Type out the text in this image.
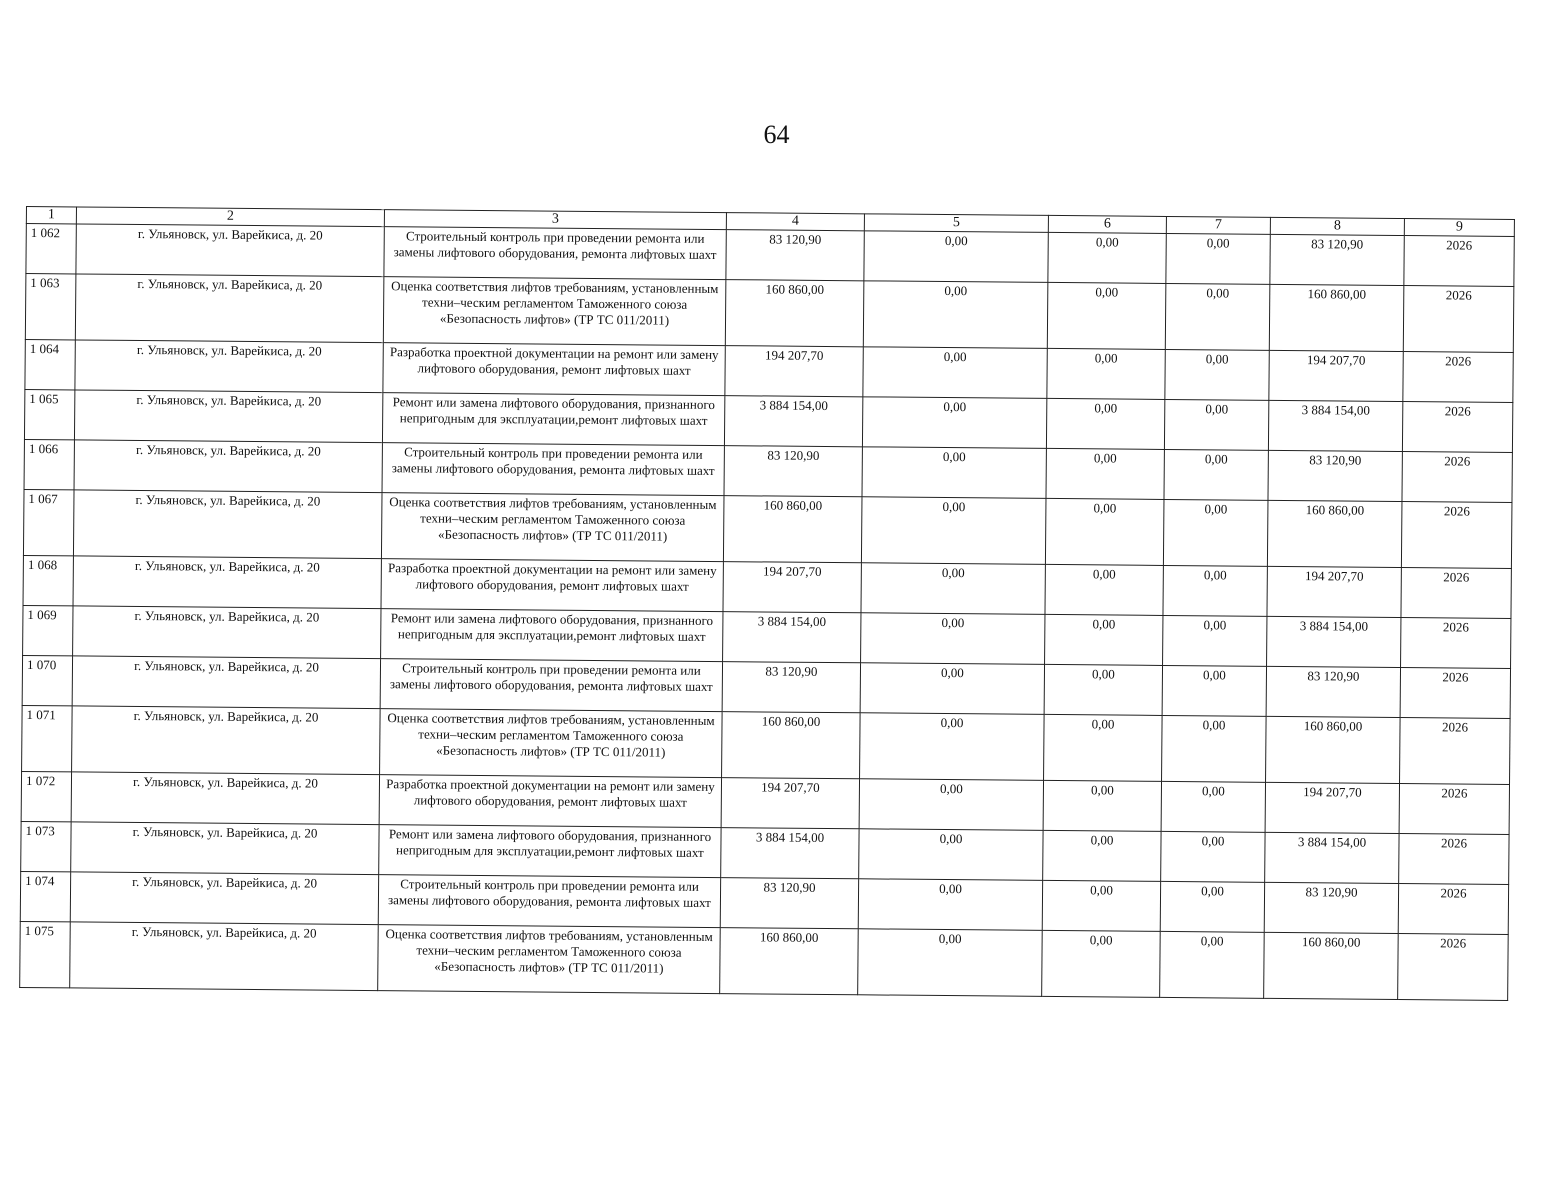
64
1	2	3	4	5	6	7	8	9
1 062	г. Ульяновск, ул. Варейкиса, д. 20	Строительный контроль при проведении ремонта или замены лифтового оборудования, ремонта лифтовых шахт	83 120,90	0,00	0,00	0,00	83 120,90	2026
1 063	г. Ульяновск, ул. Варейкиса, д. 20	Оценка соответствия лифтов требованиям, установленным техни–ческим регламентом Таможенного союза «Безопасность лифтов» (ТР ТС 011/2011)	160 860,00	0,00	0,00	0,00	160 860,00	2026
1 064	г. Ульяновск, ул. Варейкиса, д. 20	Разработка проектной документации на ремонт или замену лифтового оборудования, ремонт лифтовых шахт	194 207,70	0,00	0,00	0,00	194 207,70	2026
1 065	г. Ульяновск, ул. Варейкиса, д. 20	Ремонт или замена лифтового оборудования, признанного непригодным для эксплуатации,ремонт лифтовых шахт	3 884 154,00	0,00	0,00	0,00	3 884 154,00	2026
1 066	г. Ульяновск, ул. Варейкиса, д. 20	Строительный контроль при проведении ремонта или замены лифтового оборудования, ремонта лифтовых шахт	83 120,90	0,00	0,00	0,00	83 120,90	2026
1 067	г. Ульяновск, ул. Варейкиса, д. 20	Оценка соответствия лифтов требованиям, установленным техни–ческим регламентом Таможенного союза «Безопасность лифтов» (ТР ТС 011/2011)	160 860,00	0,00	0,00	0,00	160 860,00	2026
1 068	г. Ульяновск, ул. Варейкиса, д. 20	Разработка проектной документации на ремонт или замену лифтового оборудования, ремонт лифтовых шахт	194 207,70	0,00	0,00	0,00	194 207,70	2026
1 069	г. Ульяновск, ул. Варейкиса, д. 20	Ремонт или замена лифтового оборудования, признанного непригодным для эксплуатации,ремонт лифтовых шахт	3 884 154,00	0,00	0,00	0,00	3 884 154,00	2026
1 070	г. Ульяновск, ул. Варейкиса, д. 20	Строительный контроль при проведении ремонта или замены лифтового оборудования, ремонта лифтовых шахт	83 120,90	0,00	0,00	0,00	83 120,90	2026
1 071	г. Ульяновск, ул. Варейкиса, д. 20	Оценка соответствия лифтов требованиям, установленным техни–ческим регламентом Таможенного союза «Безопасность лифтов» (ТР ТС 011/2011)	160 860,00	0,00	0,00	0,00	160 860,00	2026
1 072	г. Ульяновск, ул. Варейкиса, д. 20	Разработка проектной документации на ремонт или замену лифтового оборудования, ремонт лифтовых шахт	194 207,70	0,00	0,00	0,00	194 207,70	2026
1 073	г. Ульяновск, ул. Варейкиса, д. 20	Ремонт или замена лифтового оборудования, признанного непригодным для эксплуатации,ремонт лифтовых шахт	3 884 154,00	0,00	0,00	0,00	3 884 154,00	2026
1 074	г. Ульяновск, ул. Варейкиса, д. 20	Строительный контроль при проведении ремонта или замены лифтового оборудования, ремонта лифтовых шахт	83 120,90	0,00	0,00	0,00	83 120,90	2026
1 075	г. Ульяновск, ул. Варейкиса, д. 20	Оценка соответствия лифтов требованиям, установленным техни–ческим регламентом Таможенного союза «Безопасность лифтов» (ТР ТС 011/2011)	160 860,00	0,00	0,00	0,00	160 860,00	2026
